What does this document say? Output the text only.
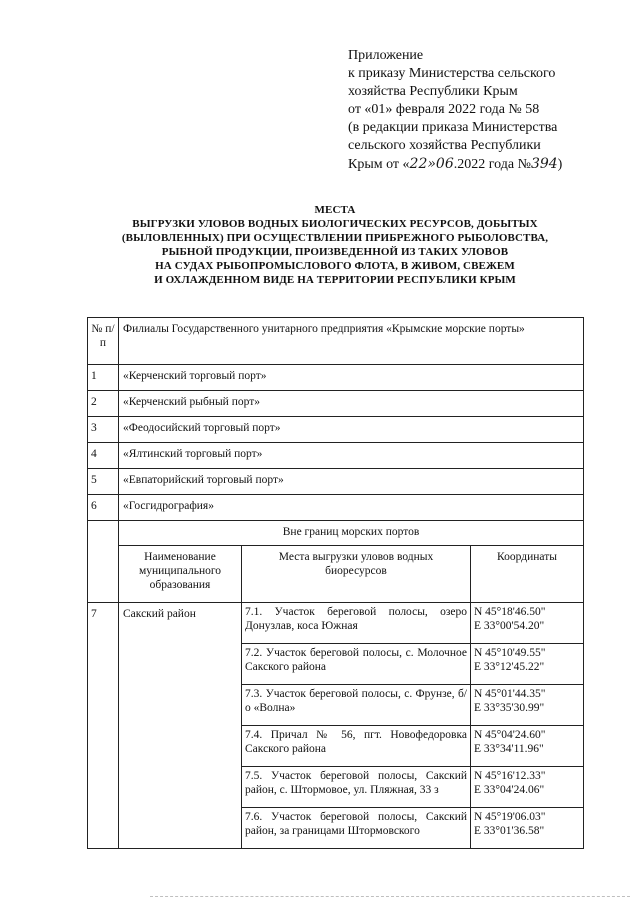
Приложение
к приказу Министерства сельского
хозяйства Республики Крым
от «01» февраля 2022 года № 58
(в редакции приказа Министерства
сельского хозяйства Республики
Крым от «22»06.2022 года №394)
МЕСТА
ВЫГРУЗКИ УЛОВОВ ВОДНЫХ БИОЛОГИЧЕСКИХ РЕСУРСОВ, ДОБЫТЫХ
(ВЫЛОВЛЕННЫХ) ПРИ ОСУЩЕСТВЛЕНИИ ПРИБРЕЖНОГО РЫБОЛОВСТВА,
РЫБНОЙ ПРОДУКЦИИ, ПРОИЗВЕДЕННОЙ ИЗ ТАКИХ УЛОВОВ
НА СУДАХ РЫБОПРОМЫСЛОВОГО ФЛОТА, В ЖИВОМ, СВЕЖЕМ
И ОХЛАЖДЕННОМ ВИДЕ НА ТЕРРИТОРИИ РЕСПУБЛИКИ КРЫМ
№ п/п	Филиалы Государственного унитарного предприятия «Крымские морские порты»		
1	«Керченский торговый порт»		
2	«Керченский рыбный порт»		
3	«Феодосийский торговый порт»		
4	«Ялтинский торговый порт»		
5	«Евпаторийский торговый порт»		
6	«Госгидрография»		
	Вне границ морских портов		
	Наименование муниципального образования	Места выгрузки уловов водных биоресурсов	Координаты
7	Сакский район	7.1. Участок береговой полосы, озеро Донузлав, коса Южная	N 45°18'46.50"
E 33°00'54.20"

		7.2. Участок береговой полосы, с. Молочное Сакского района	N 45°10'49.55"
E 33°12'45.22"

		7.3. Участок береговой полосы, с. Фрунзе, б/о «Волна»	N 45°01'44.35"
E 33°35'30.99"

		7.4. Причал № 56, пгт. Новофедоровка Сакского района	N 45°04'24.60"
E 33°34'11.96"

		7.5. Участок береговой полосы, Сакский район, с. Штормовое, ул. Пляжная, 33 з	N 45°16'12.33"
E 33°04'24.06"

		7.6. Участок береговой полосы, Сакский район, за границами Штормовского	N 45°19'06.03"
E 33°01'36.58"
